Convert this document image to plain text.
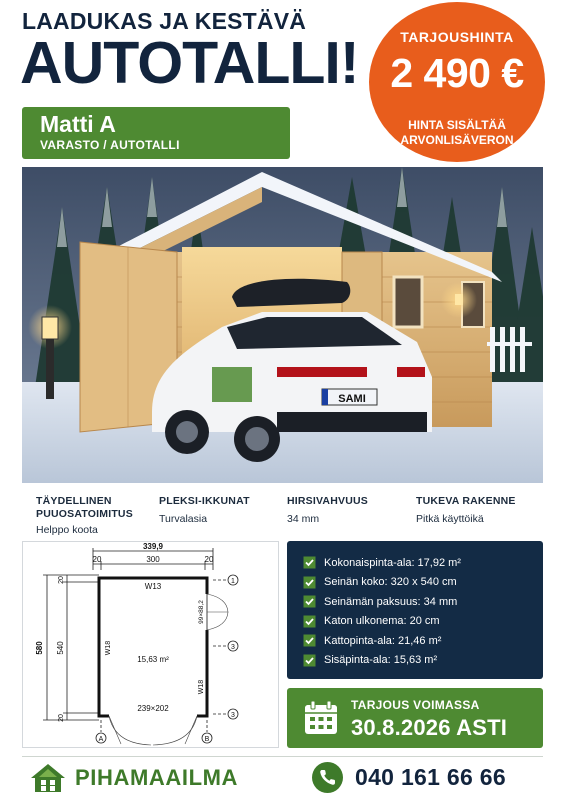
LAADUKAS JA KESTÄVÄ
AUTOTALLI!
Matti A
VARASTO / AUTOTALLI
TARJOUSHINTA
2 490 €
HINTA SISÄLTÄÄ
ARVONLISÄVERON
SAMI
TÄYDELLINEN
PUUOSATOIMITUS
Helppo koota
PLEKSI-IKKUNAT
Turvalasia
HIRSIVAHVUUS
34 mm
TUKEVA RAKENNE
Pitkä käyttöikä
339,9
20	300	20
W13
15,63 m²
239×202
1
3
3
A	B
580 540
20
20
W18
W18
99×88,2
Kokonaispinta-ala: 17,92 m²
Seinän koko: 320 x 540 cm
Seinämän paksuus: 34 mm
Katon ulkonema: 20 cm
Kattopinta-ala: 21,46 m²
Sisäpinta-ala: 15,63 m²
TARJOUS VOIMASSA
30.8.2026 ASTI
PIHAMAAILMA	040 161 66 66
